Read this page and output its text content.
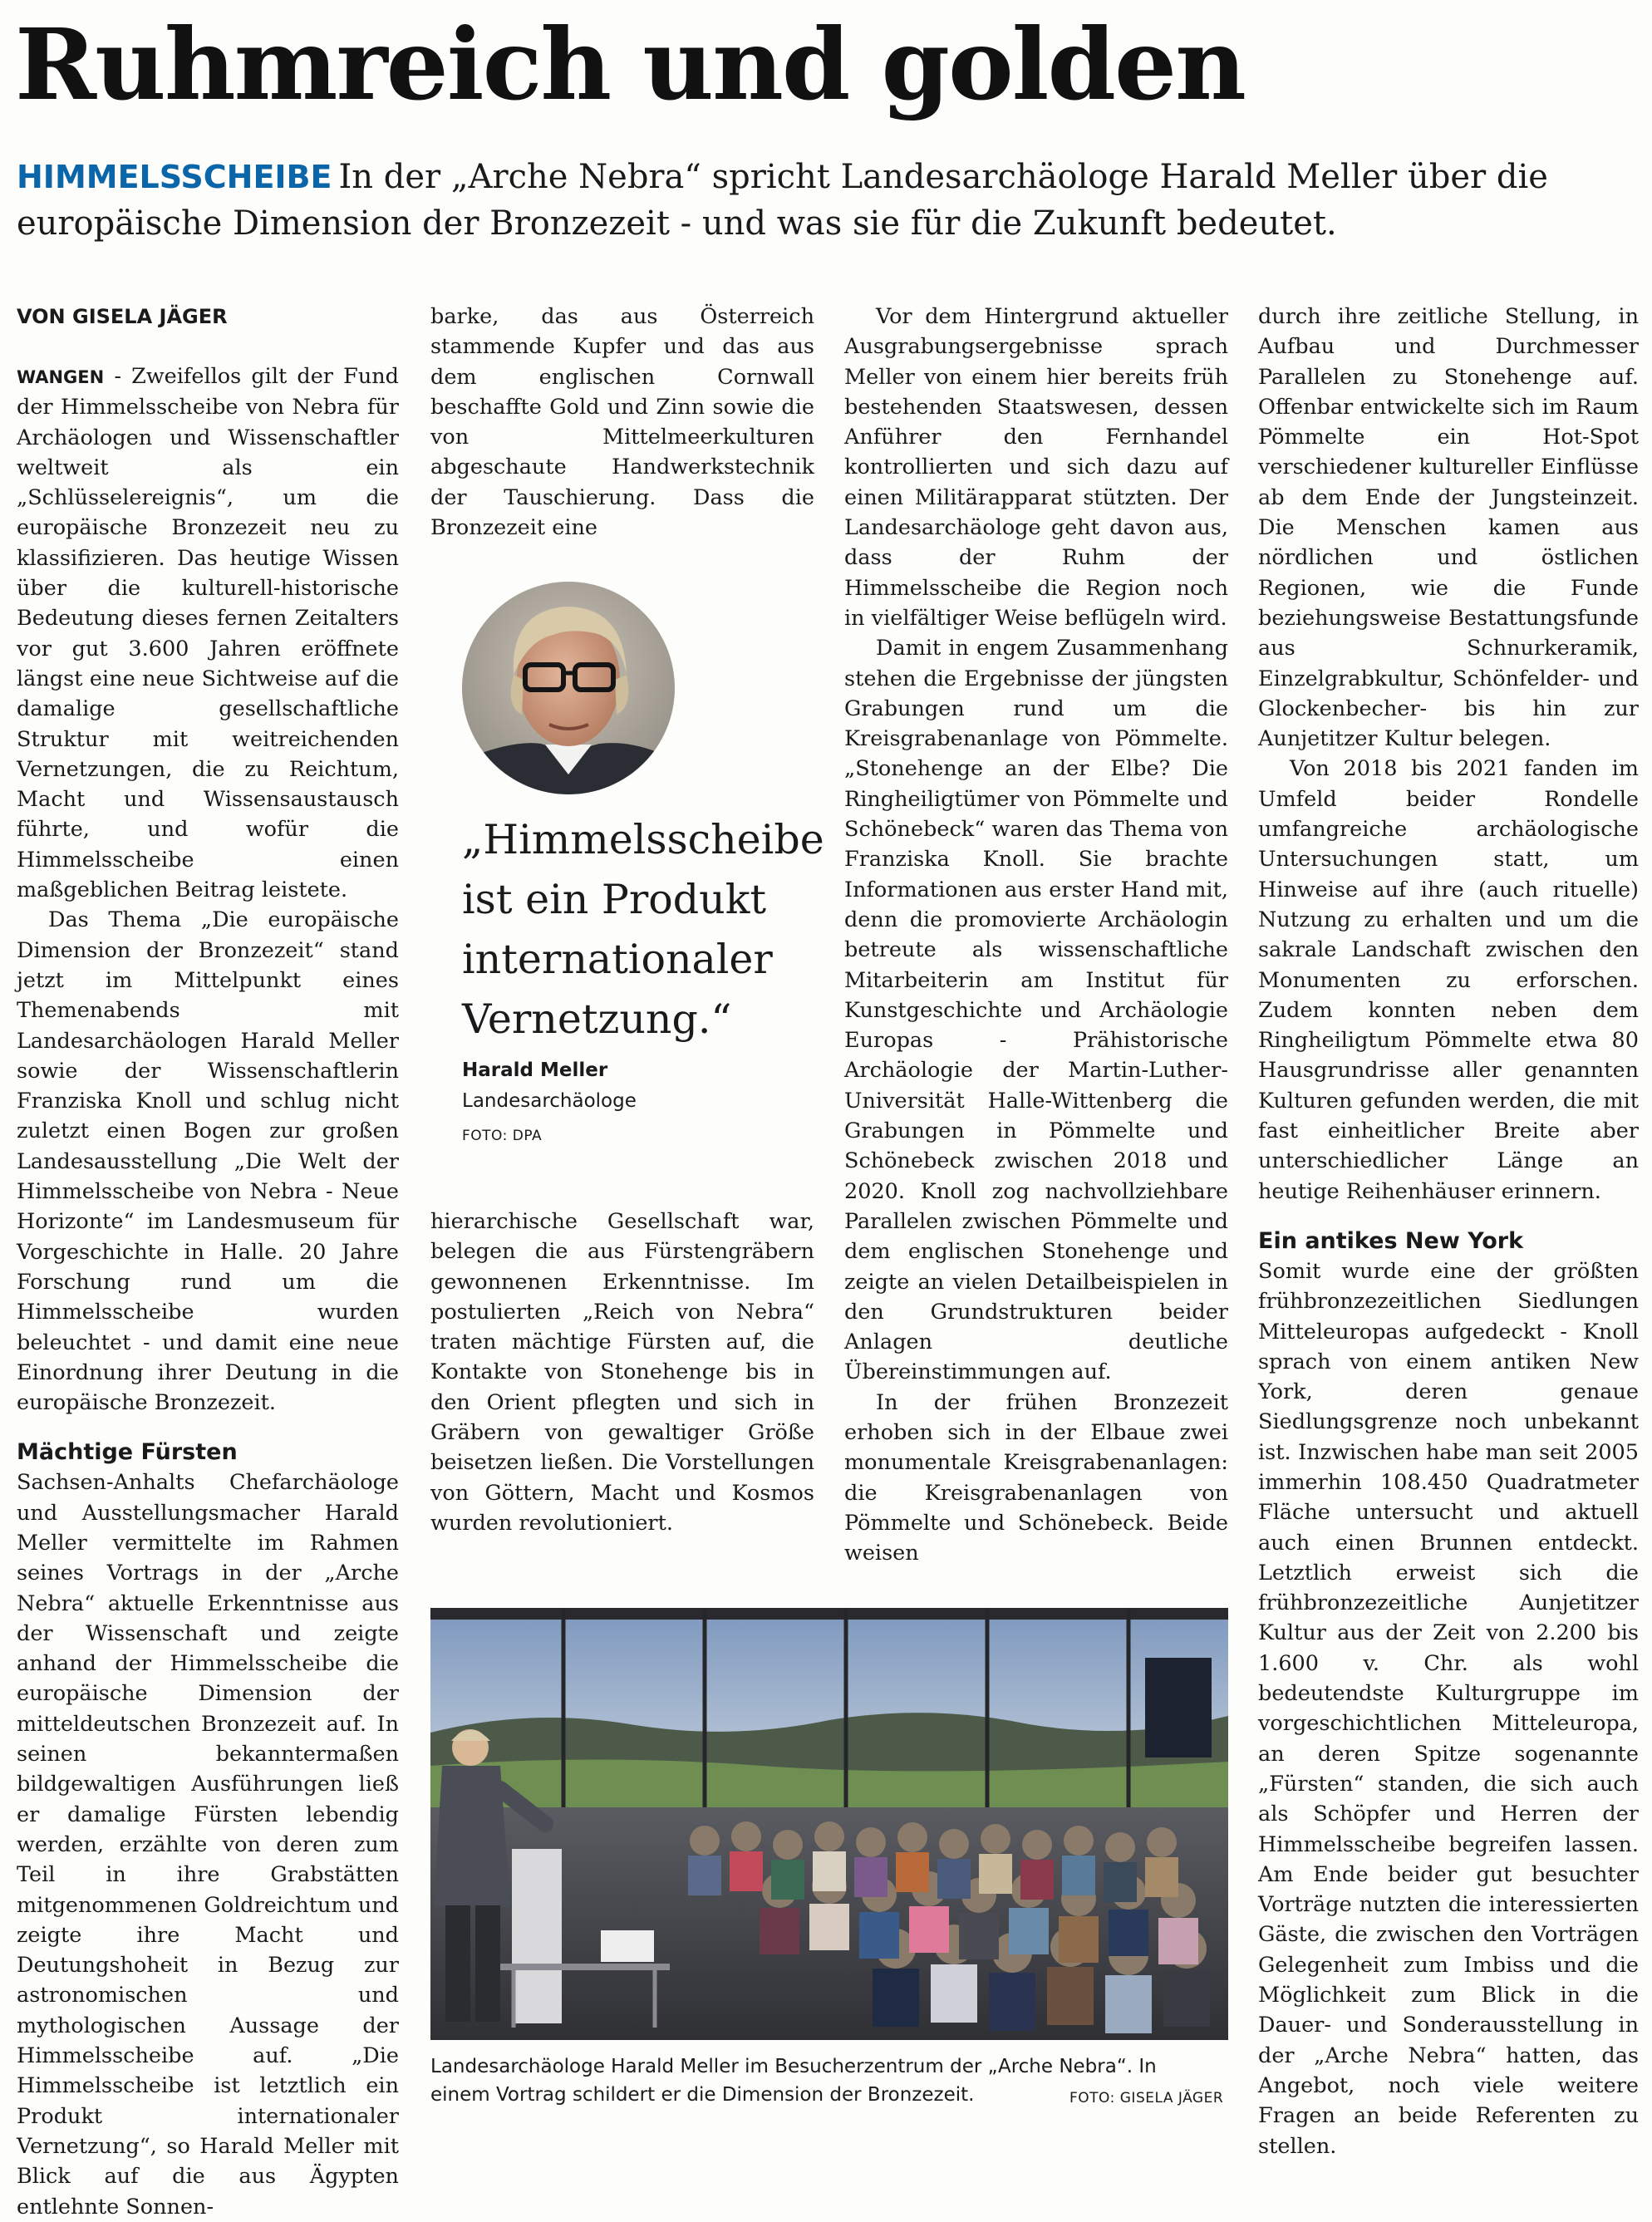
Ruhmreich und golden

HIMMELSSCHEIBE In der „Arche Nebra“ spricht Landesarchäologe Harald Meller über die europäische Dimension der Bronzezeit - und was sie für die Zukunft bedeutet.

VON GISELA JÄGER

WANGEN - Zweifellos gilt der Fund der Himmelsscheibe von Nebra für Archäologen und Wissenschaftler weltweit als ein „Schlüsselereignis“, um die europäische Bronzezeit neu zu klassifizieren. Das heutige Wissen über die kulturell-historische Bedeutung dieses fernen Zeitalters vor gut 3.600 Jahren eröffnete längst eine neue Sichtweise auf die damalige gesellschaftliche Struktur mit weitreichenden Vernetzungen, die zu Reichtum, Macht und Wissensaustausch führte, und wofür die Himmelsscheibe einen maßgeblichen Beitrag leistete.

Das Thema „Die europäische Dimension der Bronzezeit“ stand jetzt im Mittelpunkt eines Themenabends mit Landesarchäologen Harald Meller sowie der Wissenschaftlerin Franziska Knoll und schlug nicht zuletzt einen Bogen zur großen Landesausstellung „Die Welt der Himmelsscheibe von Nebra - Neue Horizonte“ im Landesmuseum für Vorgeschichte in Halle. 20 Jahre Forschung rund um die Himmelsscheibe wurden beleuchtet - und damit eine neue Einordnung ihrer Deutung in die europäische Bronzezeit.

Mächtige Fürsten

Sachsen-Anhalts Chefarchäologe und Ausstellungsmacher Harald Meller vermittelte im Rahmen seines Vortrags in der „Arche Nebra“ aktuelle Erkenntnisse aus der Wissenschaft und zeigte anhand der Himmelsscheibe die europäische Dimension der mitteldeutschen Bronzezeit auf. In seinen bekanntermaßen bildgewaltigen Ausführungen ließ er damalige Fürsten lebendig werden, erzählte von deren zum Teil in ihre Grabstätten mitgenommenen Goldreichtum und zeigte ihre Macht und Deutungshoheit in Bezug zur astronomischen und mythologischen Aussage der Himmelsscheibe auf. „Die Himmelsscheibe ist letztlich ein Produkt internationaler Vernetzung“, so Harald Meller mit Blick auf die aus Ägypten entlehnte Sonnen-

barke, das aus Österreich stammende Kupfer und das aus dem englischen Cornwall beschaffte Gold und Zinn sowie die von Mittelmeerkulturen abgeschaute Handwerkstechnik der Tauschierung. Dass die Bronzezeit eine

„Himmelsscheibe ist ein Produkt internationaler Vernetzung.“

Harald Meller

Landesarchäologe

FOTO: DPA

hierarchische Gesellschaft war, belegen die aus Fürstengräbern gewonnenen Erkenntnisse. Im postulierten „Reich von Nebra“ traten mächtige Fürsten auf, die Kontakte von Stonehenge bis in den Orient pflegten und sich in Gräbern von gewaltiger Größe beisetzen ließen. Die Vorstellungen von Göttern, Macht und Kosmos wurden revolutioniert.

Vor dem Hintergrund aktueller Ausgrabungsergebnisse sprach Meller von einem hier bereits früh bestehenden Staatswesen, dessen Anführer den Fernhandel kontrollierten und sich dazu auf einen Militärapparat stützten. Der Landesarchäologe geht davon aus, dass der Ruhm der Himmelsscheibe die Region noch in vielfältiger Weise beflügeln wird.

Damit in engem Zusammenhang stehen die Ergebnisse der jüngsten Grabungen rund um die Kreisgrabenanlage von Pömmelte. „Stonehenge an der Elbe? Die Ringheiligtümer von Pömmelte und Schönebeck“ waren das Thema von Franziska Knoll. Sie brachte Informationen aus erster Hand mit, denn die promovierte Archäologin betreute als wissenschaftliche Mitarbeiterin am Institut für Kunstgeschichte und Archäologie Europas - Prähistorische Archäologie der Martin-Luther-Universität Halle-Wittenberg die Grabungen in Pömmelte und Schönebeck zwischen 2018 und 2020. Knoll zog nachvollziehbare Parallelen zwischen Pömmelte und dem englischen Stonehenge und zeigte an vielen Detailbeispielen in den Grundstrukturen beider Anlagen deutliche Übereinstimmungen auf.

In der frühen Bronzezeit erhoben sich in der Elbaue zwei monumentale Kreisgrabenanlagen: die Kreisgrabenanlagen von Pömmelte und Schönebeck. Beide weisen

durch ihre zeitliche Stellung, in Aufbau und Durchmesser Parallelen zu Stonehenge auf. Offenbar entwickelte sich im Raum Pömmelte ein Hot-Spot verschiedener kultureller Einflüsse ab dem Ende der Jungsteinzeit. Die Menschen kamen aus nördlichen und östlichen Regionen, wie die Funde beziehungsweise Bestattungsfunde aus Schnurkeramik, Einzelgrabkultur, Schönfelder- und Glockenbecher- bis hin zur Aunjetitzer Kultur belegen.

Von 2018 bis 2021 fanden im Umfeld beider Rondelle umfangreiche archäologische Untersuchungen statt, um Hinweise auf ihre (auch rituelle) Nutzung zu erhalten und um die sakrale Landschaft zwischen den Monumenten zu erforschen. Zudem konnten neben dem Ringheiligtum Pömmelte etwa 80 Hausgrundrisse aller genannten Kulturen gefunden werden, die mit fast einheitlicher Breite aber unterschiedlicher Länge an heutige Reihenhäuser erinnern.

Ein antikes New York

Somit wurde eine der größten frühbronzezeitlichen Siedlungen Mitteleuropas aufgedeckt - Knoll sprach von einem antiken New York, deren genaue Siedlungsgrenze noch unbekannt ist. Inzwischen habe man seit 2005 immerhin 108.450 Quadratmeter Fläche untersucht und aktuell auch einen Brunnen entdeckt. Letztlich erweist sich die frühbronzezeitliche Aunjetitzer Kultur aus der Zeit von 2.200 bis 1.600 v. Chr. als wohl bedeutendste Kulturgruppe im vorgeschichtlichen Mitteleuropa, an deren Spitze sogenannte „Fürsten“ standen, die sich auch als Schöpfer und Herren der Himmelsscheibe begreifen lassen. Am Ende beider gut besuchter Vorträge nutzten die interessierten Gäste, die zwischen den Vorträgen Gelegenheit zum Imbiss und die Möglichkeit zum Blick in die Dauer- und Sonderausstellung in der „Arche Nebra“ hatten, das Angebot, noch viele weitere Fragen an beide Referenten zu stellen.

Landesarchäologe Harald Meller im Besucherzentrum der „Arche Nebra“. In einem Vortrag schildert er die Dimension der Bronzezeit.	FOTO: GISELA JÄGER
